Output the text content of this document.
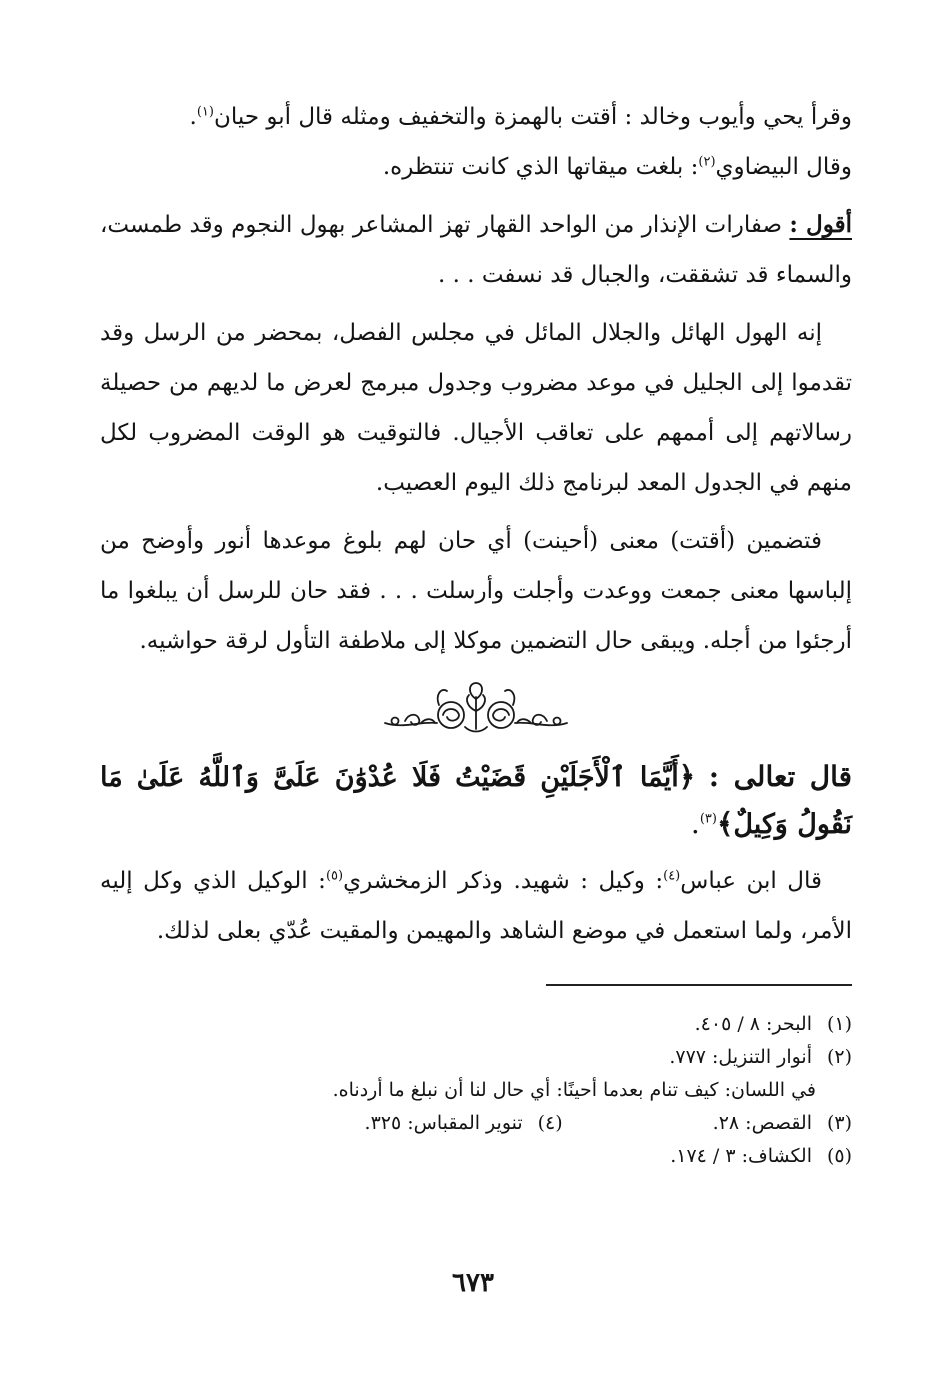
وقرأ يحي وأيوب وخالد : أقتت بالهمزة والتخفيف ومثله قال أبو حيان$^{(١)}$.
وقال البيضاوي$^{(٢)}$: بلغت ميقاتها الذي كانت تنتظره.

أقول : صفارات الإنذار من الواحد القهار تهز المشاعر بهول النجوم وقد طمست، والسماء قد تشققت، والجبال قد نسفت . . .

إنه الهول الهائل والجلال المائل في مجلس الفصل، بمحضر من الرسل وقد تقدموا إلى الجليل في موعد مضروب وجدول مبرمج لعرض ما لديهم من حصيلة رسالاتهم إلى أممهم على تعاقب الأجيال. فالتوقيت هو الوقت المضروب لكل منهم في الجدول المعد لبرنامج ذلك اليوم العصيب.

فتضمين (أقتت) معنى (أحينت) أي حان لهم بلوغ موعدها أنور وأوضح من إلباسها معنى جمعت ووعدت وأجلت وأرسلت . . . فقد حان للرسل أن يبلغوا ما أرجئوا من أجله. ويبقى حال التضمين موكلا إلى ملاطفة التأول لرقة حواشيه.

قال تعالى : ﴿أَيَّمَا ٱلْأَجَلَيْنِ قَضَيْتُ فَلَا عُدْوَٰنَ عَلَىَّ وَٱللَّهُ عَلَىٰ مَا نَقُولُ وَكِيلٌ﴾$^{(٣)}$.

قال ابن عباس$^{(٤)}$: وكيل : شهيد. وذكر الزمخشري$^{(٥)}$: الوكيل الذي وكل إليه الأمر، ولما استعمل في موضع الشاهد والمهيمن والمقيت عُدّي بعلى لذلك.

(١)
البحر: ٨ / ٤٠٥.
(٢)
أنوار التنزيل: ٧٧٧.
في اللسان: كيف تنام بعدما أحينًا: أي حال لنا أن نبلغ ما أردناه.
(٣)
القصص: ٢٨.
(٤)
تنوير المقباس: ٣٢٥.
(٥)
الكشاف: ٣ / ١٧٤.
٦٧٣
